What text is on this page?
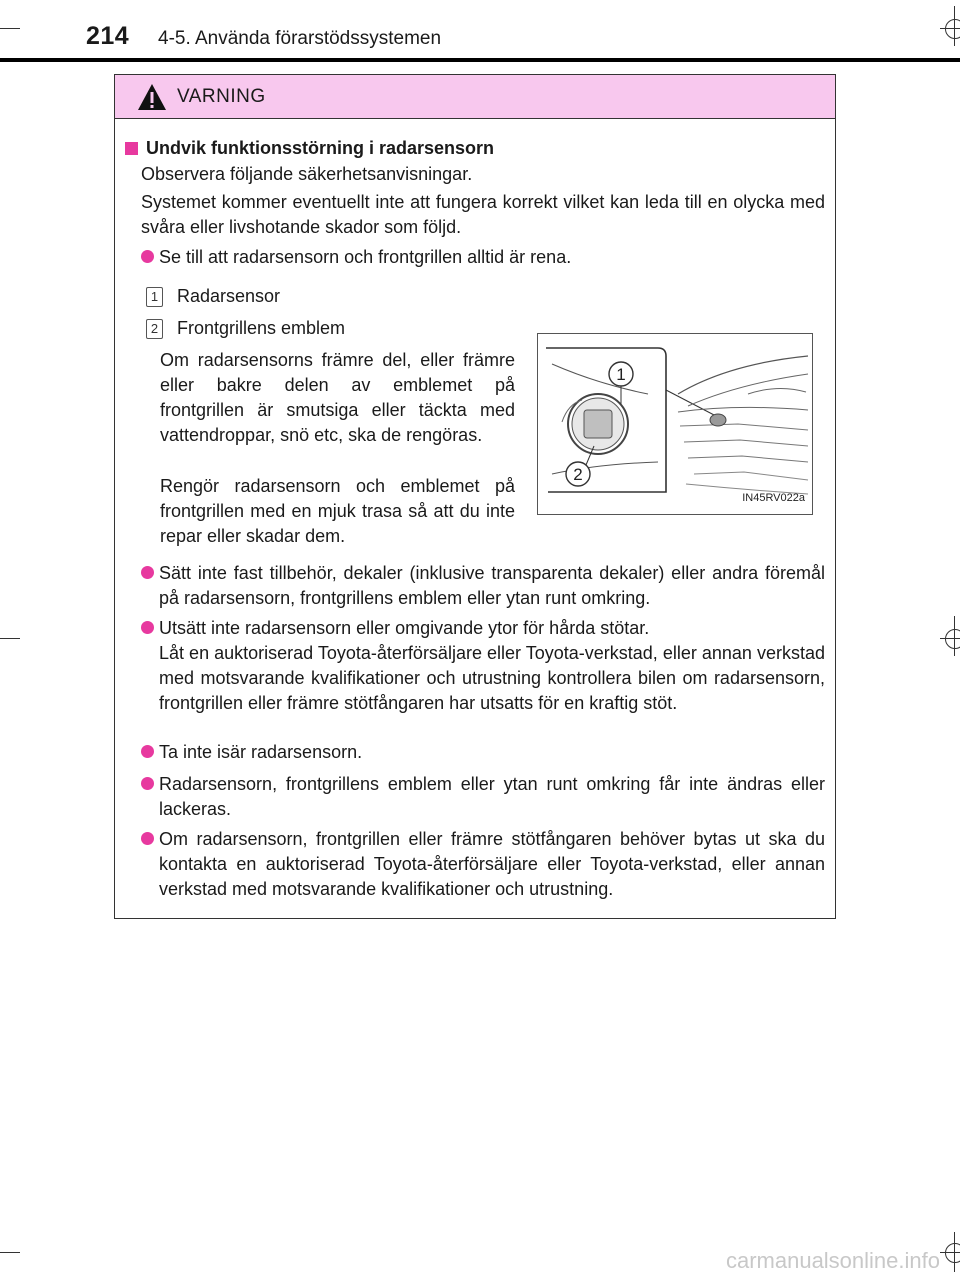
214 4-5. Använda förarstödssystemen
VARNING
Undvik funktionsstörning i radarsensorn
Observera följande säkerhetsanvisningar.
Systemet kommer eventuellt inte att fungera korrekt vilket kan leda till en olycka med svåra eller livshotande skador som följd.
Se till att radarsensorn och frontgrillen alltid är rena.
1 Radarsensor
2 Frontgrillens emblem
Om radarsensorns främre del, eller främre eller bakre delen av emblemet på frontgrillen är smutsiga eller täckta med vattendroppar, snö etc, ska de rengöras.
Rengör radarsensorn och emblemet på frontgrillen med en mjuk trasa så att du inte repar eller skadar dem.
1
2
IN45RV022a
Sätt inte fast tillbehör, dekaler (inklusive transparenta dekaler) eller andra föremål på radarsensorn, frontgrillens emblem eller ytan runt omkring.
Utsätt inte radarsensorn eller omgivande ytor för hårda stötar.
Låt en auktoriserad Toyota-återförsäljare eller Toyota-verkstad, eller annan verkstad med motsvarande kvalifikationer och utrustning kontrollera bilen om radarsensorn, frontgrillen eller främre stötfångaren har utsatts för en kraftig stöt.
Ta inte isär radarsensorn.
Radarsensorn, frontgrillens emblem eller ytan runt omkring får inte ändras eller lackeras.
Om radarsensorn, frontgrillen eller främre stötfångaren behöver bytas ut ska du kontakta en auktoriserad Toyota-återförsäljare eller Toyota-verkstad, eller annan verkstad med motsvarande kvalifikationer och utrustning.
carmanualsonline.info
